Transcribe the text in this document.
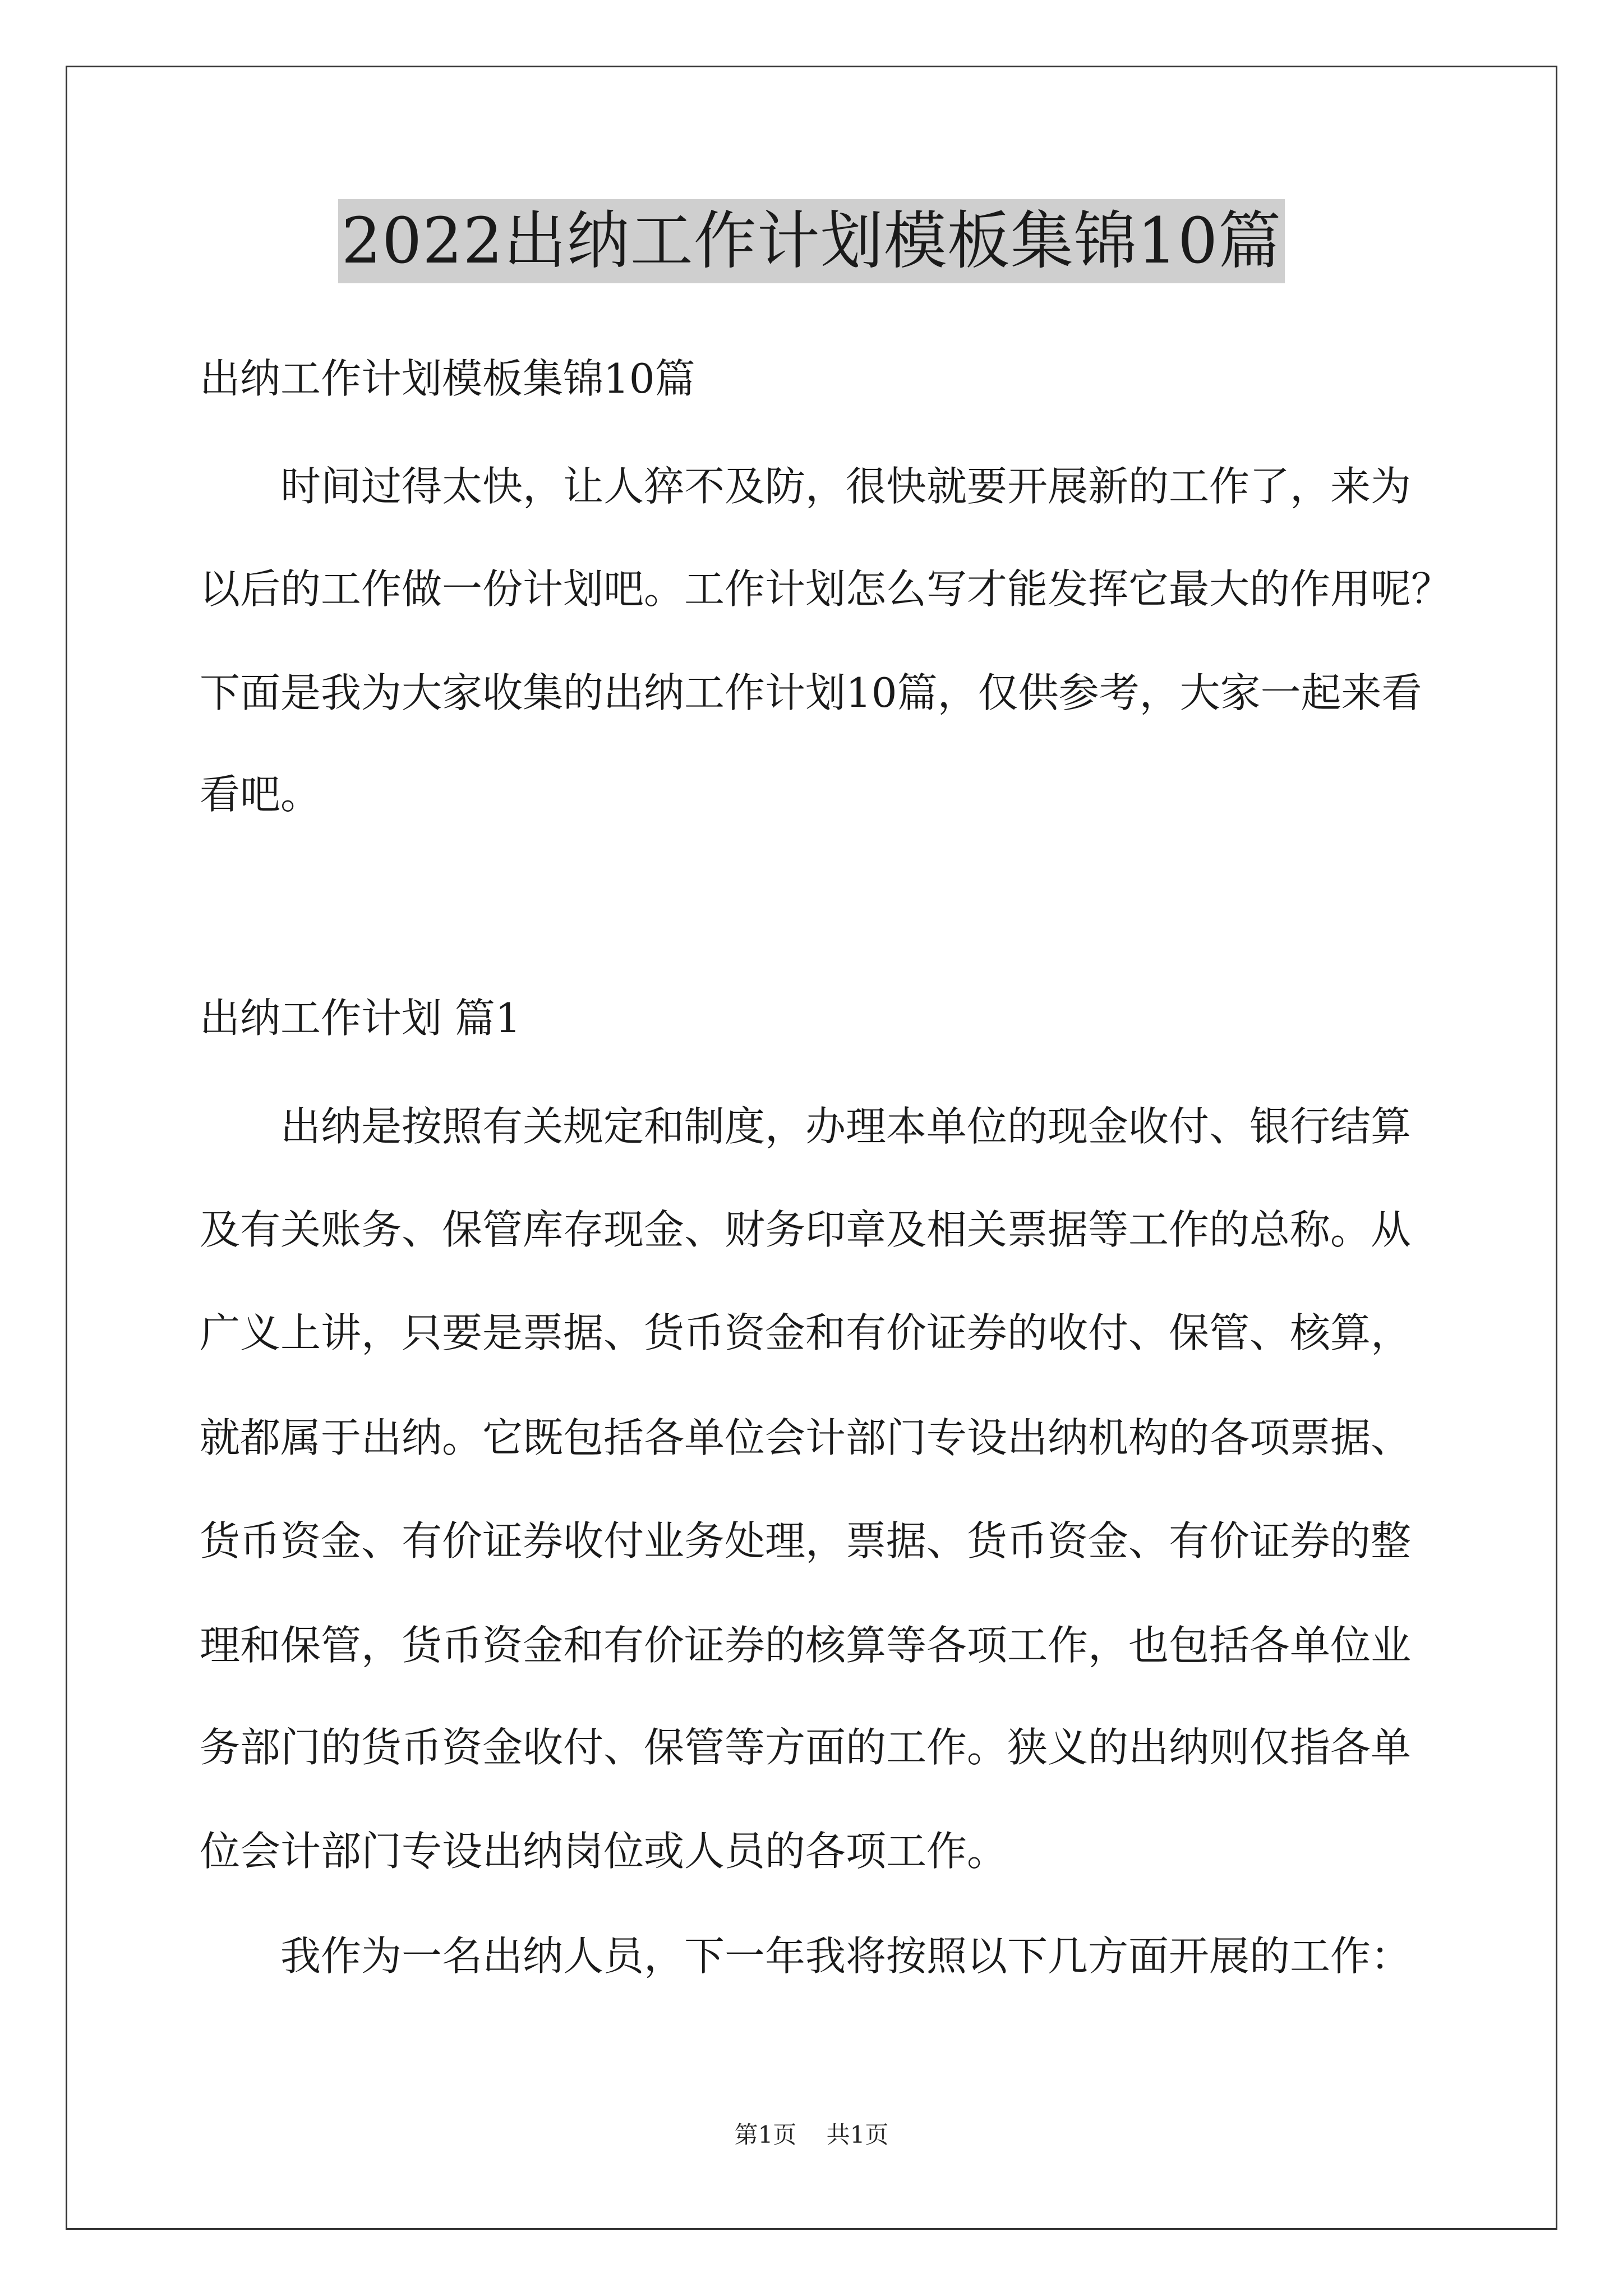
2022出纳工作计划模板集锦10篇
出纳工作计划模板集锦10篇
时间过得太快，让人猝不及防，很快就要开展新的工作了，来为
以后的工作做一份计划吧。工作计划怎么写才能发挥它最大的作用呢？
下面是我为大家收集的出纳工作计划10篇，仅供参考，大家一起来看
看吧。
出纳工作计划 篇1
出纳是按照有关规定和制度，办理本单位的现金收付、银行结算
及有关账务、保管库存现金、财务印章及相关票据等工作的总称。从
广义上讲，只要是票据、货币资金和有价证券的收付、保管、核算，
就都属于出纳。它既包括各单位会计部门专设出纳机构的各项票据、
货币资金、有价证券收付业务处理，票据、货币资金、有价证券的整
理和保管，货币资金和有价证券的核算等各项工作，也包括各单位业
务部门的货币资金收付、保管等方面的工作。狭义的出纳则仅指各单
位会计部门专设出纳岗位或人员的各项工作。
我作为一名出纳人员，下一年我将按照以下几方面开展的工作：
第1页 共1页
